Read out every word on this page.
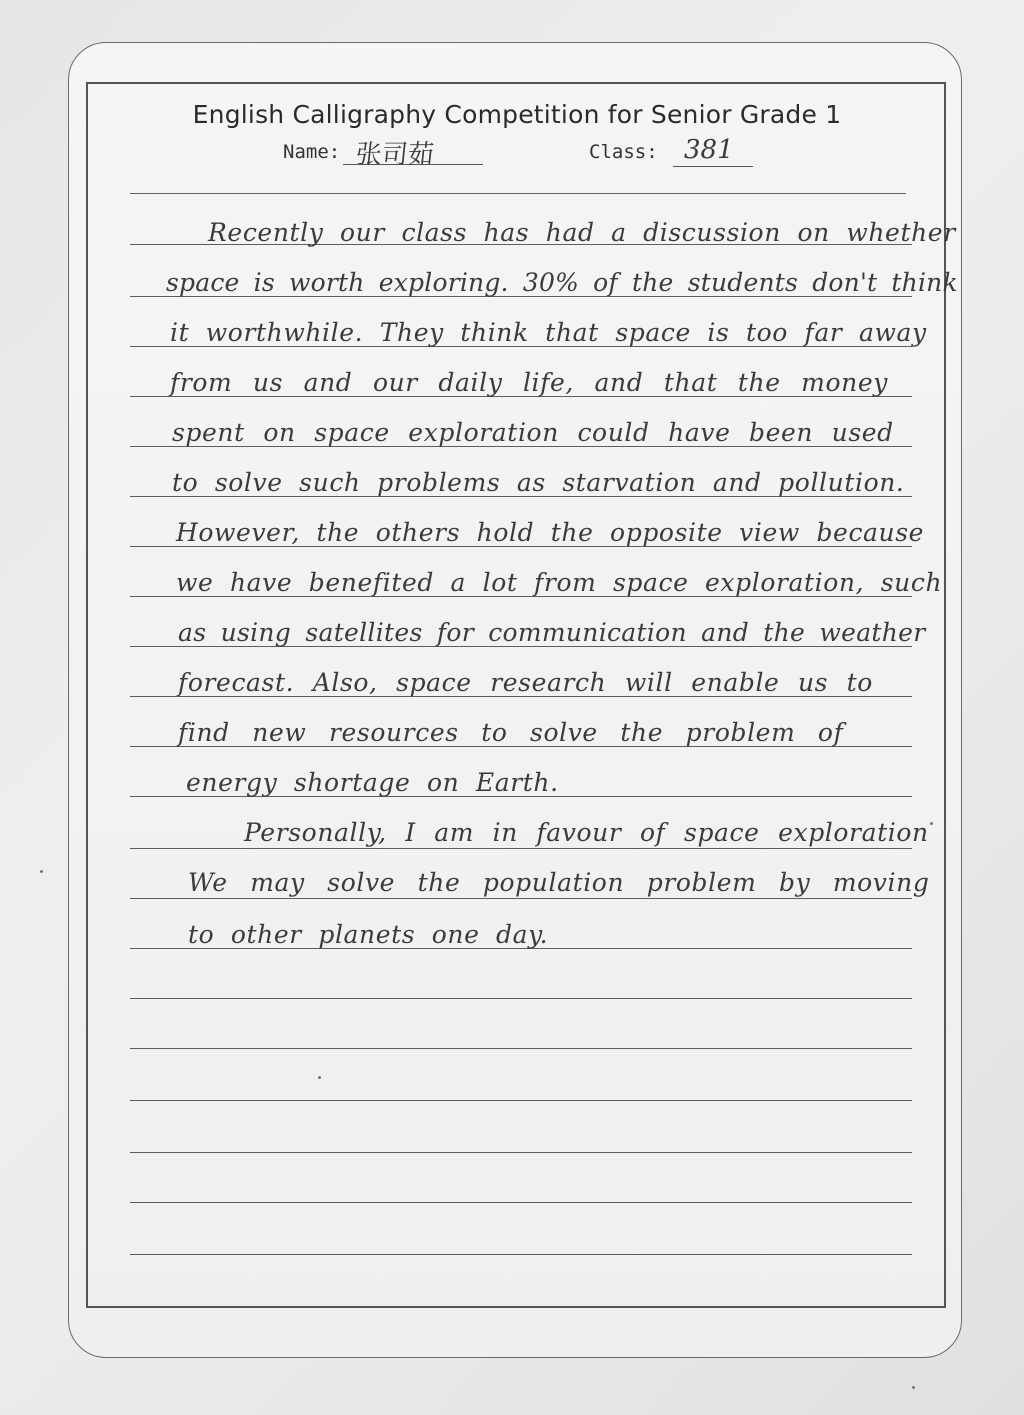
English Calligraphy Competition for Senior Grade 1
Name: 张司茹	Class: 381
Recently our class has had a discussion on whether
space is worth exploring. 30% of the students don't think
it worthwhile. They think that space is too far away
from us and our daily life, and that the money
spent on space exploration could have been used
to solve such problems as starvation and pollution.
However, the others hold the opposite view because
we have benefited a lot from space exploration, such
as using satellites for communication and the weather
forecast. Also, space research will enable us to
find new resources to solve the problem of
energy shortage on Earth.
Personally, I am in favour of space exploration
We may solve the population problem by moving
to other planets one day.
